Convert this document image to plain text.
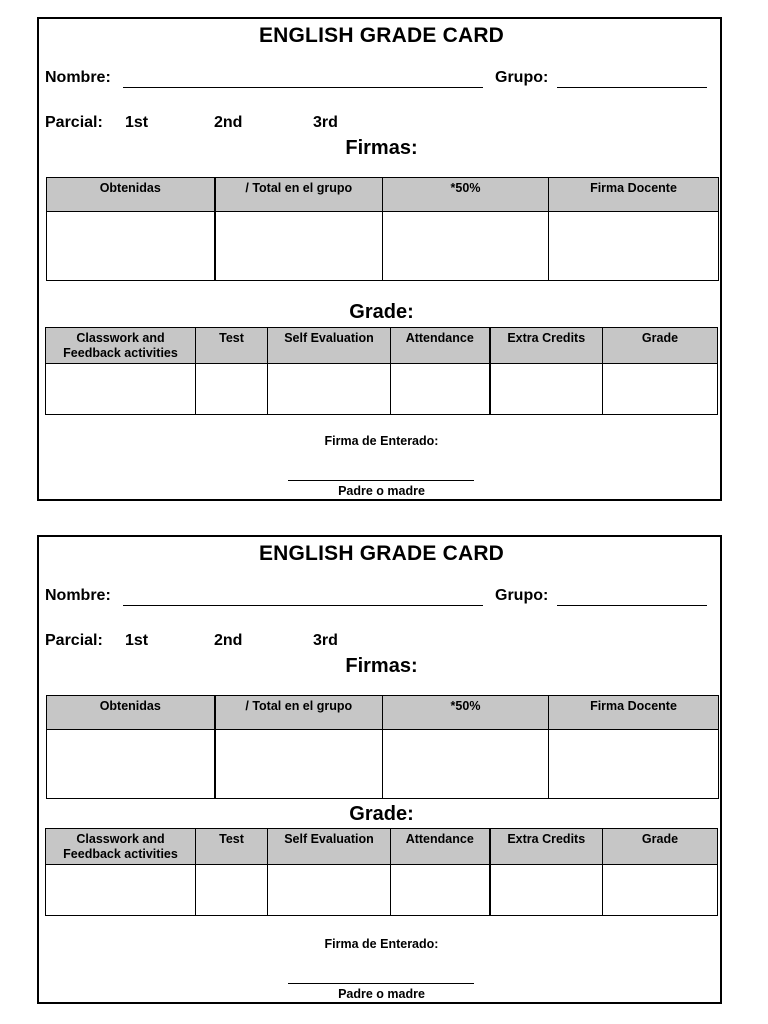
ENGLISH GRADE CARD
Nombre:	Grupo:
Parcial: 1st	2nd	3rd
Firmas:
Obtenidas	/ Total en el grupo	*50%	Firma Docente

Grade:
Classwork and Feedback activities	Test	Self Evaluation	Attendance	Extra Credits	Grade

Firma de Enterado:
Padre o madre
ENGLISH GRADE CARD
Nombre:	Grupo:
Parcial: 1st	2nd	3rd
Firmas:
Obtenidas	/ Total en el grupo	*50%	Firma Docente

Grade:
Classwork and Feedback activities	Test	Self Evaluation	Attendance	Extra Credits	Grade

Firma de Enterado:
Padre o madre
